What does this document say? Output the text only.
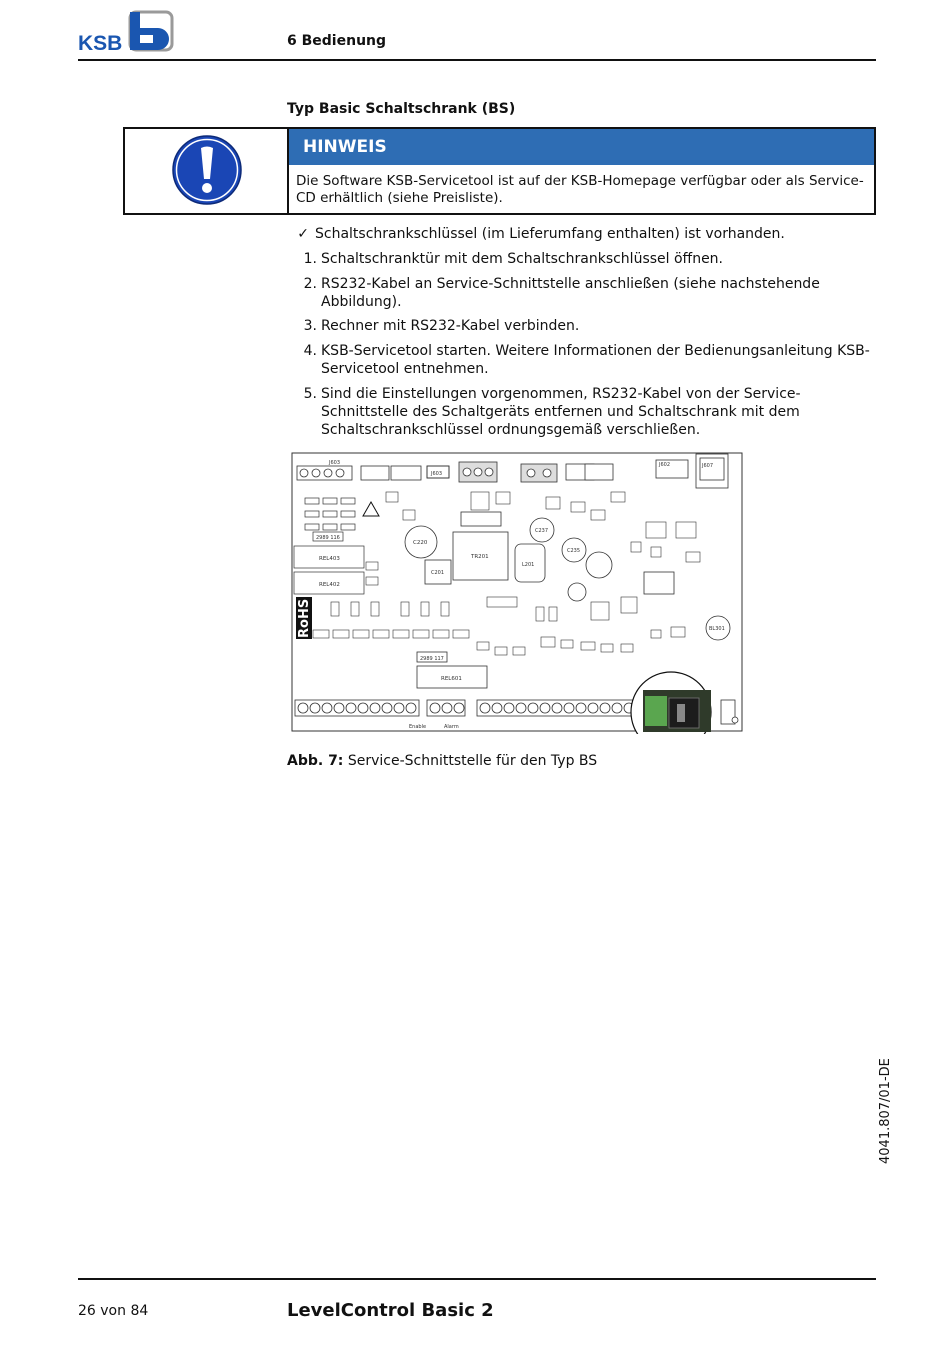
KSB	6 Bedienung
Typ Basic Schaltschrank (BS)
HINWEIS
Die Software KSB-Servicetool ist auf der KSB-Homepage verfügbar oder als Service-CD erhältlich (siehe Preisliste).
✓ Schaltschrankschlüssel (im Lieferumfang enthalten) ist vorhanden.
1. Schaltschranktür mit dem Schaltschrankschlüssel öffnen.
2. RS232-Kabel an Service-Schnittstelle anschließen (siehe nachstehende Abbildung).
3. Rechner mit RS232-Kabel verbinden.
4. KSB-Servicetool starten. Weitere Informationen der Bedienungsanleitung KSB-Servicetool entnehmen.
5. Sind die Einstellungen vorgenommen, RS232-Kabel von der Service-Schnittstelle des Schaltgeräts entfernen und Schaltschrank mit dem Schaltschrankschlüssel ordnungsgemäß verschließen.
J603
J603
J602	J607
2989 116
REL403
REL402
C220
C237
C235
C201
TR201
L201
BL301
2989 117
REL601
RoHS
Enable	Alarm
Abb. 7: Service-Schnittstelle für den Typ BS
4041.807/01-DE
26 von 84	LevelControl Basic 2
